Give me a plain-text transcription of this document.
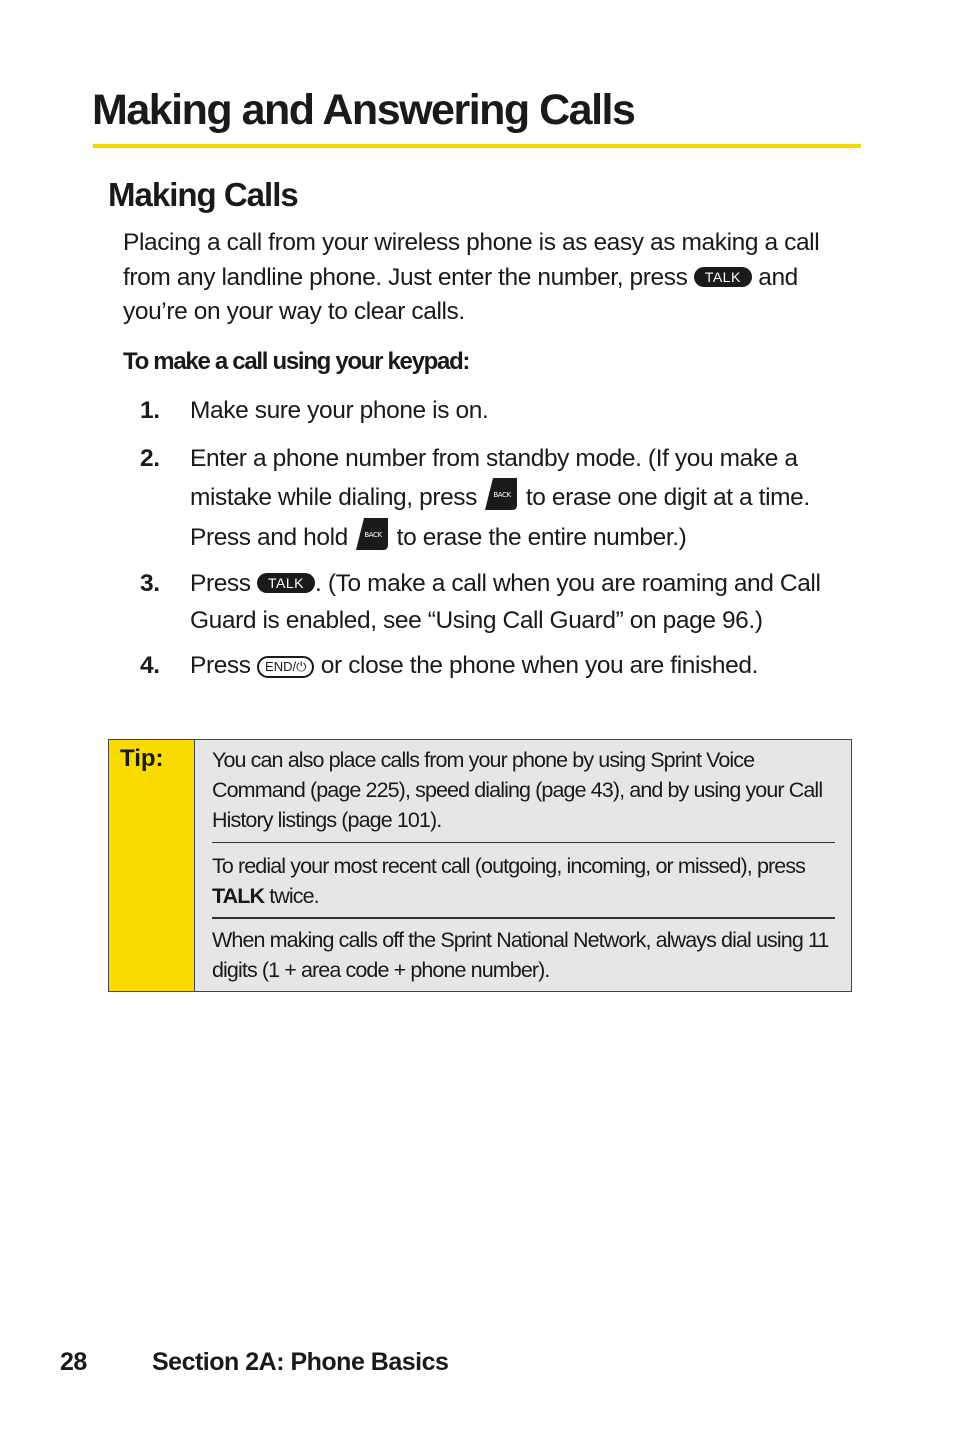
Making and Answering Calls
Making Calls

Placing a call from your wireless phone is as easy as making a call from any landline phone. Just enter the number, press TALK and you’re on your way to clear calls.

To make a call using your keypad:
1.	Make sure your phone is on.
2.	Enter a phone number from standby mode. (If you make a mistake while dialing, press BACK to erase one digit at a time. Press and hold BACK to erase the entire number.)
3.	Press TALK . (To make a call when you are roaming and Call Guard is enabled, see “Using Call Guard” on page 96.)
4.	Press END/⏻ or close the phone when you are finished.
Tip: You can also place calls from your phone by using Sprint Voice Command (page 225), speed dialing (page 43), and by using your Call History listings (page 101).

To redial your most recent call (outgoing, incoming, or missed), press TALK twice.

When making calls off the Sprint National Network, always dial using 11 digits (1 + area code + phone number).

28	Section 2A: Phone Basics
